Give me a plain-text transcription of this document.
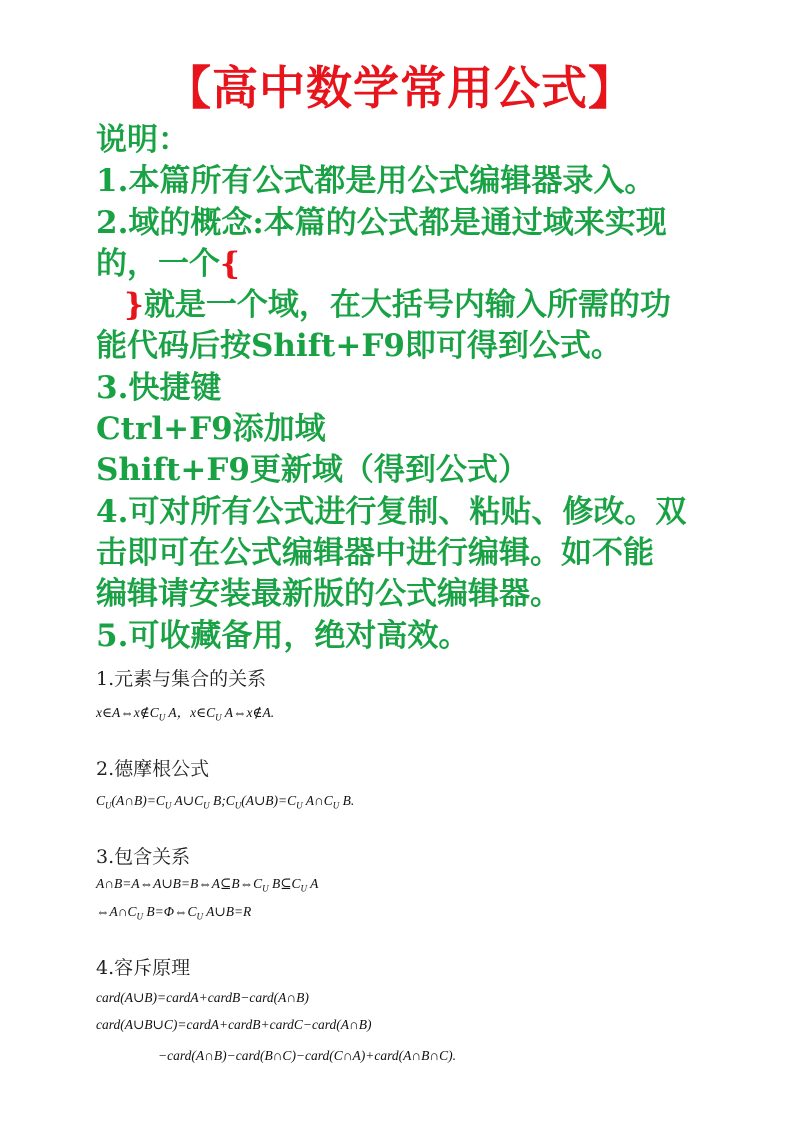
【高中数学常用公式】
说明：
1.本篇所有公式都是用公式编辑器录入。
2.域的概念:本篇的公式都是通过域来实现
的，一个{
}就是一个域，在大括号内输入所需的功
能代码后按Shift+F9即可得到公式。
3.快捷键
Ctrl+F9添加域
Shift+F9更新域（得到公式）
4.可对所有公式进行复制、粘贴、修改。双
击即可在公式编辑器中进行编辑。如不能
编辑请安装最新版的公式编辑器。
5.可收藏备用，绝对高效。
1.元素与集合的关系
$x\in A\Leftrightarrow x\notin C_U$ A，$x\in C_U$ A⇔x∉A.
2.德摩根公式
$C_U(A\cap B)=C_U$ $A\cup C_U$ $B;C_U(A\cup B)=C_U$ $A\cap C_U$ B.
3.包含关系
$A\cap B=A\Leftrightarrow A\cup B=B\Leftrightarrow A⊆B\Leftrightarrow C_U$ $B⊆C_U$ A
$\Leftrightarrow A\cap C_U$ $B=\Phi\Leftrightarrow C_U$ A∪B=R
4.容斥原理
card(A∪B)=cardA+cardB−card(A∩B)
card(A∪B∪C)=cardA+cardB+cardC−card(A∩B)
−card(A∩B)−card(B∩C)−card(C∩A)+card(A∩B∩C).
